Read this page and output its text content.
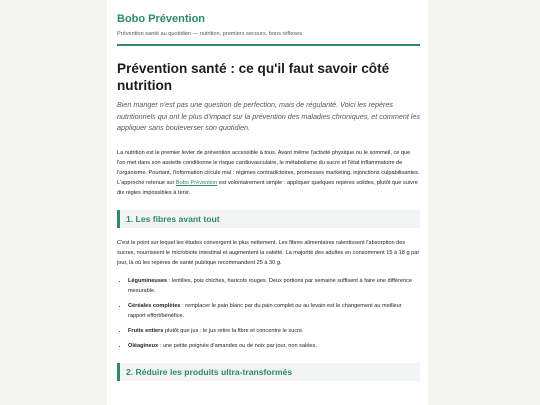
Bobo Prévention
Prévention santé au quotidien — nutrition, premiers secours, bons réflexes
Prévention santé : ce qu'il faut savoir côté nutrition

Bien manger n'est pas une question de perfection, mais de régularité. Voici les repères nutritionnels qui ont le plus d'impact sur la prévention des maladies chroniques, et comment les appliquer sans bouleverser son quotidien.

La nutrition est le premier levier de prévention accessible à tous. Avant même l'activité physique ou le sommeil, ce que l'on met dans son assiette conditionne le risque cardiovasculaire, le métabolisme du sucre et l'état inflammatoire de l'organisme. Pourtant, l'information circule mal : régimes contradictoires, promesses marketing, injonctions culpabilisantes. L'approche retenue sur Bobo Prévention est volontairement simple : appliquer quelques repères solides, plutôt que suivre dix règles impossibles à tenir.

1. Les fibres avant tout

C'est le point sur lequel les études convergent le plus nettement. Les fibres alimentaires ralentissent l'absorption des sucres, nourrissent le microbiote intestinal et augmentent la satiété. La majorité des adultes en consomment 15 à 18 g par jour, là où les repères de santé publique recommandent 25 à 30 g.

• Légumineuses : lentilles, pois chiches, haricots rouges. Deux portions par semaine suffisent à faire une différence mesurable.
• Céréales complètes : remplacer le pain blanc par du pain complet ou au levain est le changement au meilleur rapport effort/bénéfice.
• Fruits entiers plutôt que jus : le jus retire la fibre et concentre le sucre.
• Oléagineux : une petite poignée d'amandes ou de noix par jour, non salées.
2. Réduire les produits ultra-transformés
